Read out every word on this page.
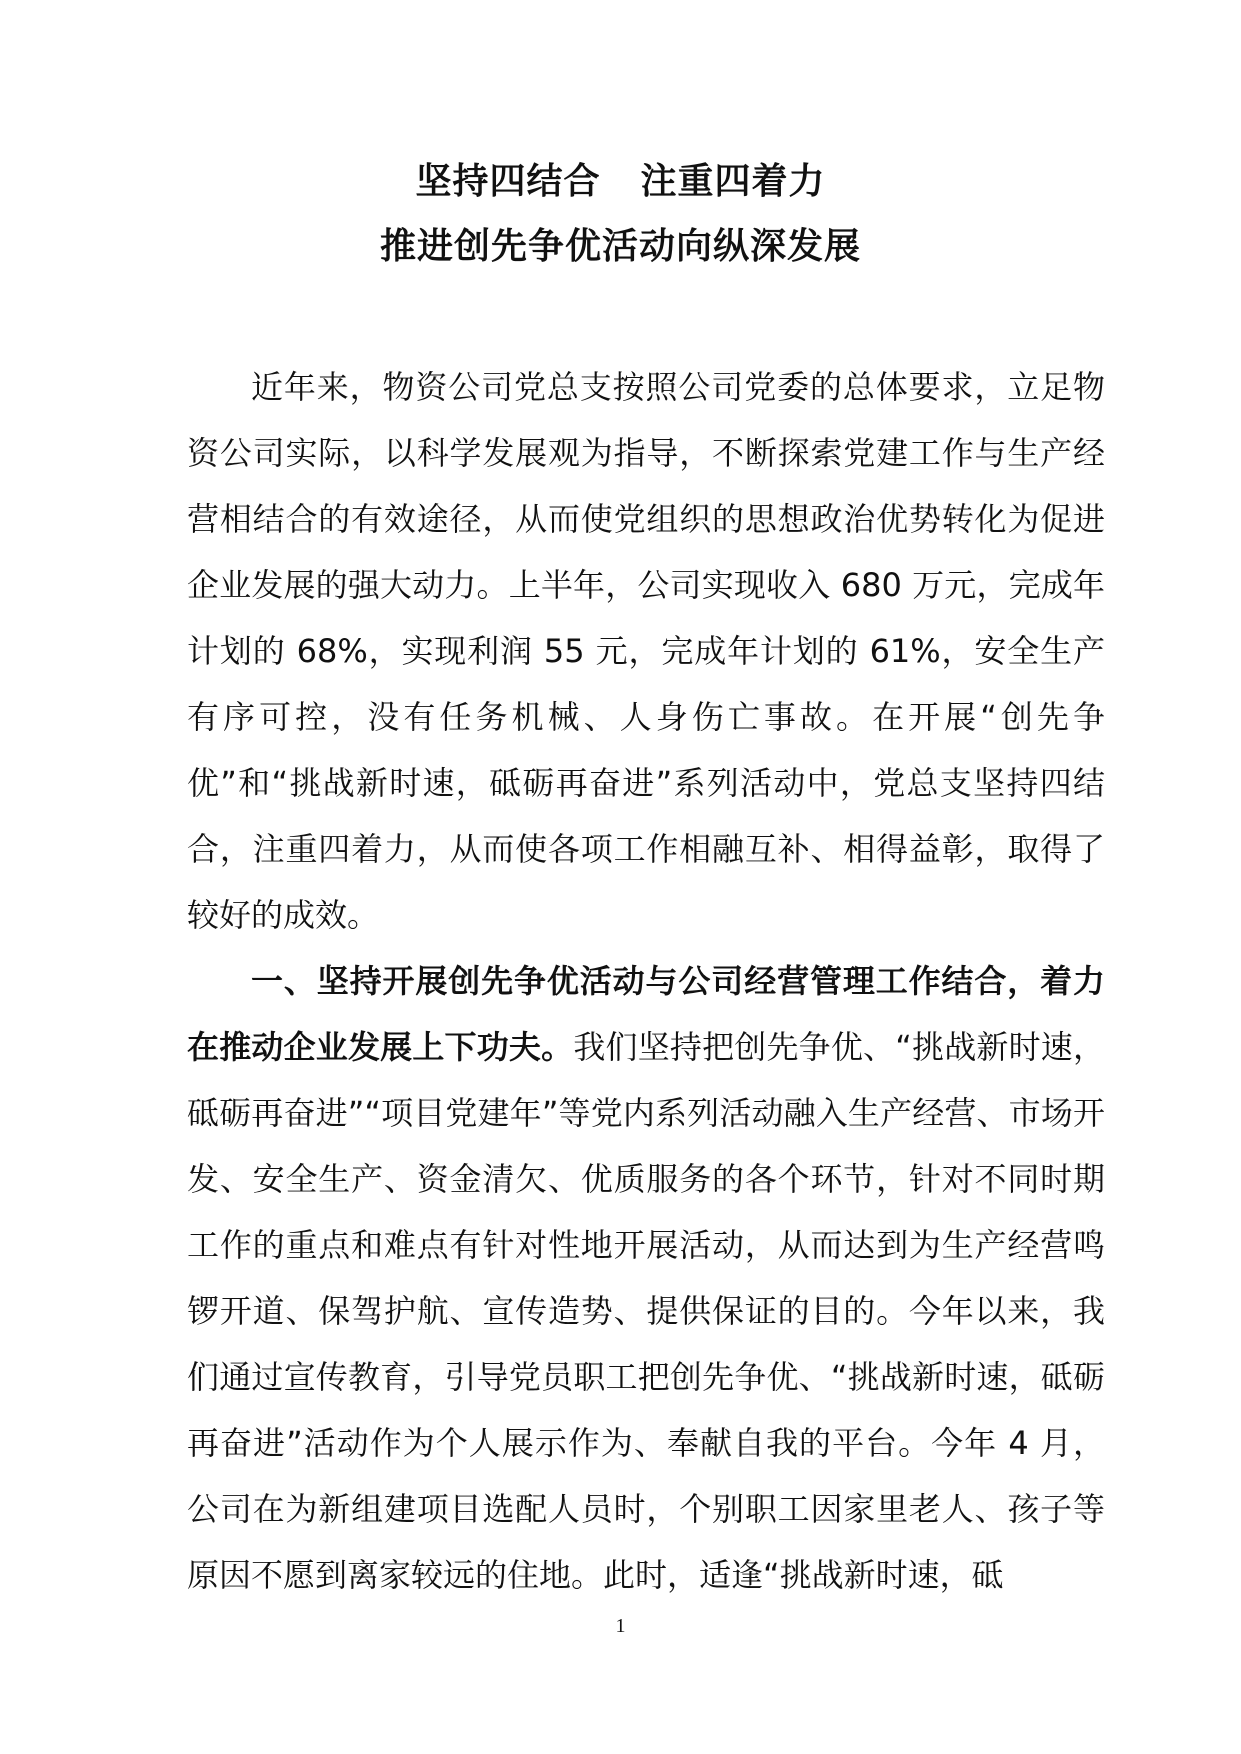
坚持四结合 注重四着力
推进创先争优活动向纵深发展

近年来，物资公司党总支按照公司党委的总体要求，立足物资公司实际，以科学发展观为指导，不断探索党建工作与生产经营相结合的有效途径，从而使党组织的思想政治优势转化为促进企业发展的强大动力。上半年，公司实现收入 680 万元，完成年计划的 68%，实现利润 55 元，完成年计划的 61%，安全生产有序可控，没有任务机械、人身伤亡事故。在开展“创先争优”和“挑战新时速，砥砺再奋进”系列活动中，党总支坚持四结合，注重四着力，从而使各项工作相融互补、相得益彰，取得了较好的成效。

一、坚持开展创先争优活动与公司经营管理工作结合，着力在推动企业发展上下功夫。我们坚持把创先争优、“挑战新时速，砥砺再奋进”“项目党建年”等党内系列活动融入生产经营、市场开发、安全生产、资金清欠、优质服务的各个环节，针对不同时期工作的重点和难点有针对性地开展活动，从而达到为生产经营鸣锣开道、保驾护航、宣传造势、提供保证的目的。今年以来，我们通过宣传教育，引导党员职工把创先争优、“挑战新时速，砥砺再奋进”活动作为个人展示作为、奉献自我的平台。今年 4 月，公司在为新组建项目选配人员时，个别职工因家里老人、孩子等原因不愿到离家较远的住地。此时，适逢“挑战新时速，砥

1
